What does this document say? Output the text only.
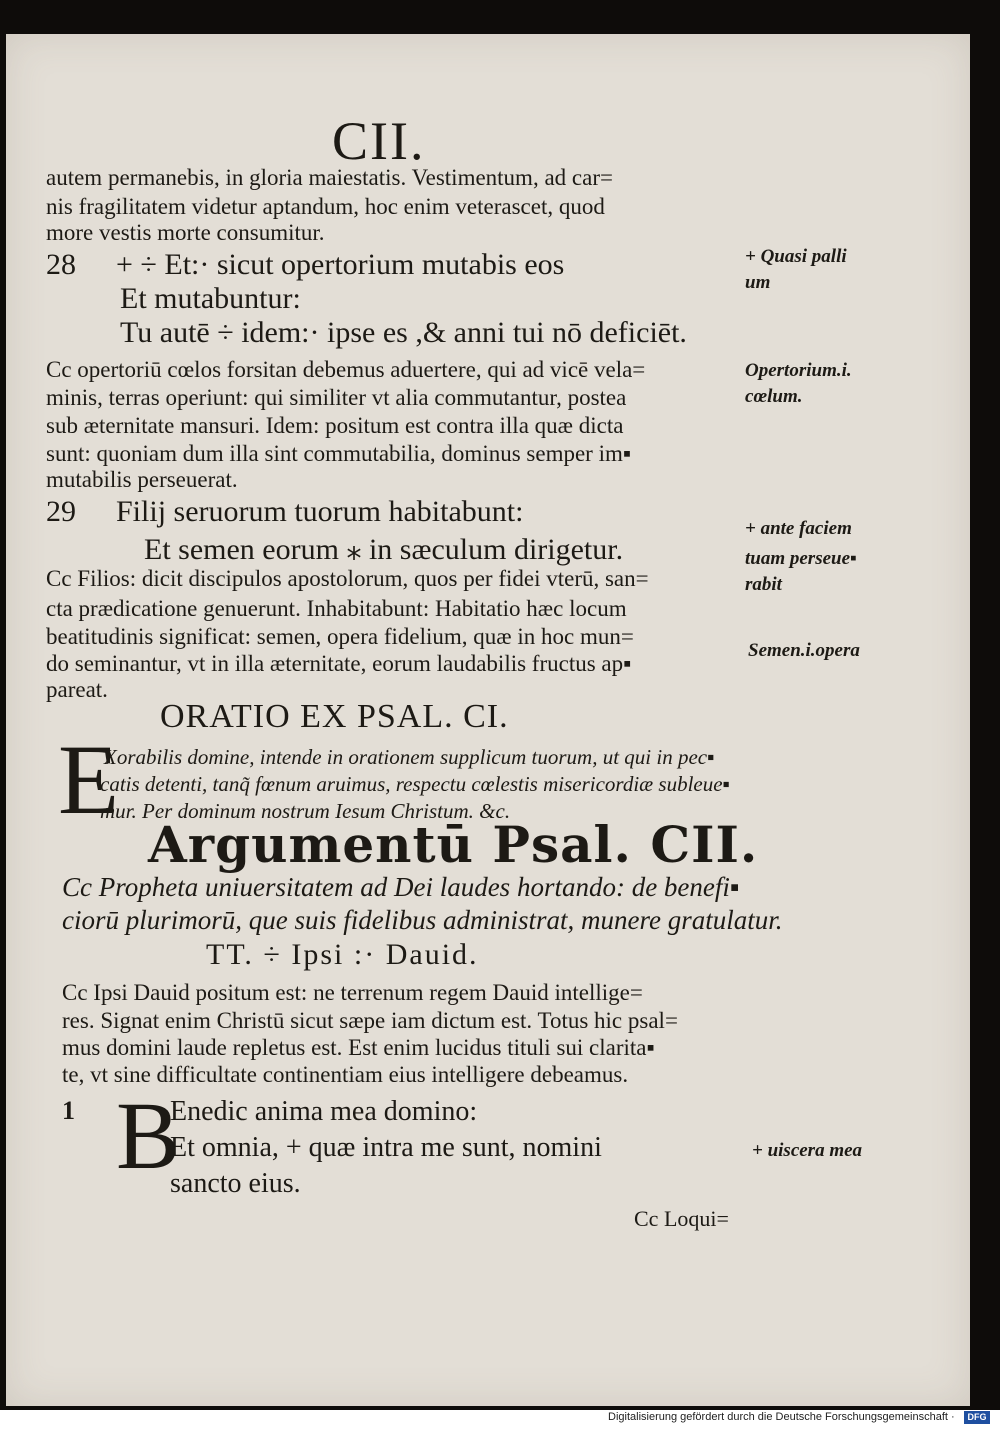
CII.

autem permanebis, in gloria maiestatis. Vestimentum, ad car=

nis fragilitatem videtur aptandum, hoc enim veterascet, quod

more vestis morte consumitur.

28 + ÷ Et:· sicut opertorium mutabis eos

Et mutabuntur:

Tu autē ÷ idem:· ipse es ,& anni tui nō deficiēt.

Cc opertoriū cœlos forsitan debemus aduertere, qui ad vicē vela=

minis, terras operiunt: qui similiter vt alia commutantur, postea

sub æternitate mansuri. Idem: positum est contra illa quæ dicta

sunt: quoniam dum illa sint commutabilia, dominus semper im▪

mutabilis perseuerat.

29 Filij seruorum tuorum habitabunt:

Et semen eorum ⁎ in sæculum dirigetur.

Cc Filios: dicit discipulos apostolorum, quos per fidei vterū, san=

cta prædicatione genuerunt. Inhabitabunt: Habitatio hæc locum

beatitudinis significat: semen, opera fidelium, quæ in hoc mun=

do seminantur, vt in illa æternitate, eorum laudabilis fructus ap▪

pareat.

ORATIO EX PSAL. CI.

E

Xorabilis domine, intende in orationem supplicum tuorum, ut qui in pec▪

catis detenti, tanq̃ fœnum aruimus, respectu cœlestis misericordiæ subleue▪

mur. Per dominum nostrum Iesum Christum. &c.

Argumentū Psal. CII.

Cc Propheta uniuersitatem ad Dei laudes hortando: de benefi▪

ciorū plurimorū, que suis fidelibus administrat, munere gratulatur.

TT. ÷ Ipsi :· Dauid.

Cc Ipsi Dauid positum est: ne terrenum regem Dauid intellige=

res. Signat enim Christū sicut sæpe iam dictum est. Totus hic psal=

mus domini laude repletus est. Est enim lucidus tituli sui clarita▪

te, vt sine difficultate continentiam eius intelligere debeamus.

1 B

Enedic anima mea domino:

Et omnia, + quæ intra me sunt, nomini

sancto eius.

Cc Loqui=

+ Quasi palli

um

Opertorium.i.

cœlum.

+ ante faciem

tuam perseue▪

rabit

Semen.i.opera

+ uiscera mea

Digitalisierung gefördert durch die Deutsche Forschungsgemeinschaft ·	DFG
